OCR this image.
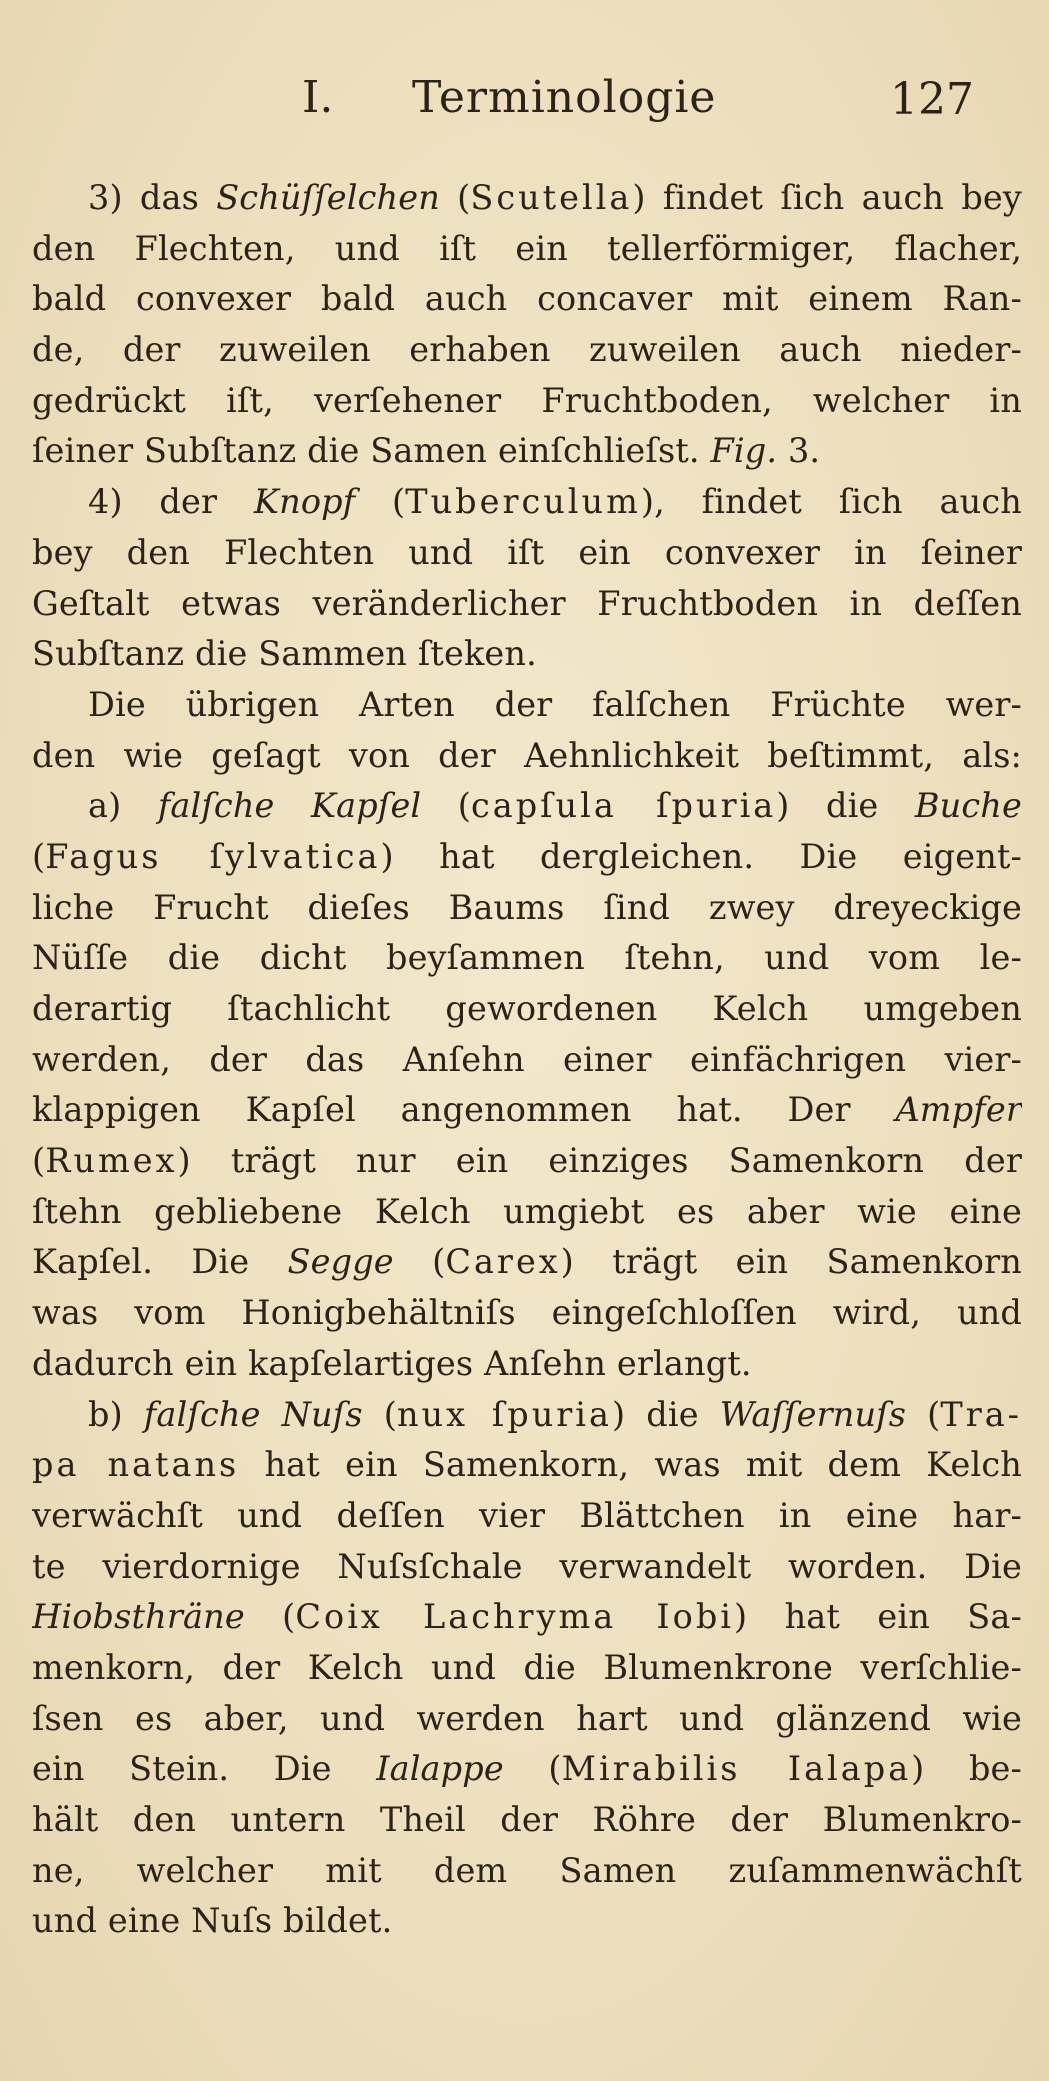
I. Terminologie	127
3) das Schüſſelchen (Scutella) findet ſich auch bey
den Flechten, und iſt ein tellerförmiger, flacher,
bald convexer bald auch concaver mit einem Ran-
de, der zuweilen erhaben zuweilen auch nieder-
gedrückt iſt, verſehener Fruchtboden, welcher in
ſeiner Subſtanz die Samen einſchlieſst. Fig. 3.
4) der Knopf (Tuberculum), findet ſich auch
bey den Flechten und iſt ein convexer in ſeiner
Geſtalt etwas veränderlicher Fruchtboden in deſſen
Subſtanz die Sammen ſteken.
Die übrigen Arten der falſchen Früchte wer-
den wie geſagt von der Aehnlichkeit beſtimmt, als:
a) falſche Kapſel (capſula ſpuria) die Buche
(Fagus ſylvatica) hat dergleichen. Die eigent-
liche Frucht dieſes Baums ſind zwey dreyeckige
Nüſſe die dicht beyſammen ſtehn, und vom le-
derartig ſtachlicht gewordenen Kelch umgeben
werden, der das Anſehn einer einfächrigen vier-
klappigen Kapſel angenommen hat. Der Ampfer
(Rumex) trägt nur ein einziges Samenkorn der
ſtehn gebliebene Kelch umgiebt es aber wie eine
Kapſel. Die Segge (Carex) trägt ein Samenkorn
was vom Honigbehältniſs eingeſchloſſen wird, und
dadurch ein kapſelartiges Anſehn erlangt.
b) falſche Nuſs (nux ſpuria) die Waſſernuſs (Tra-
pa natans hat ein Samenkorn, was mit dem Kelch
verwächſt und deſſen vier Blättchen in eine har-
te vierdornige Nuſsſchale verwandelt worden. Die
Hiobsthräne (Coix Lachryma Iobi) hat ein Sa-
menkorn, der Kelch und die Blumenkrone verſchlie-
ſsen es aber, und werden hart und glänzend wie
ein Stein. Die Ialappe (Mirabilis Ialapa) be-
hält den untern Theil der Röhre der Blumenkro-
ne, welcher mit dem Samen zuſammenwächſt
und eine Nuſs bildet.
